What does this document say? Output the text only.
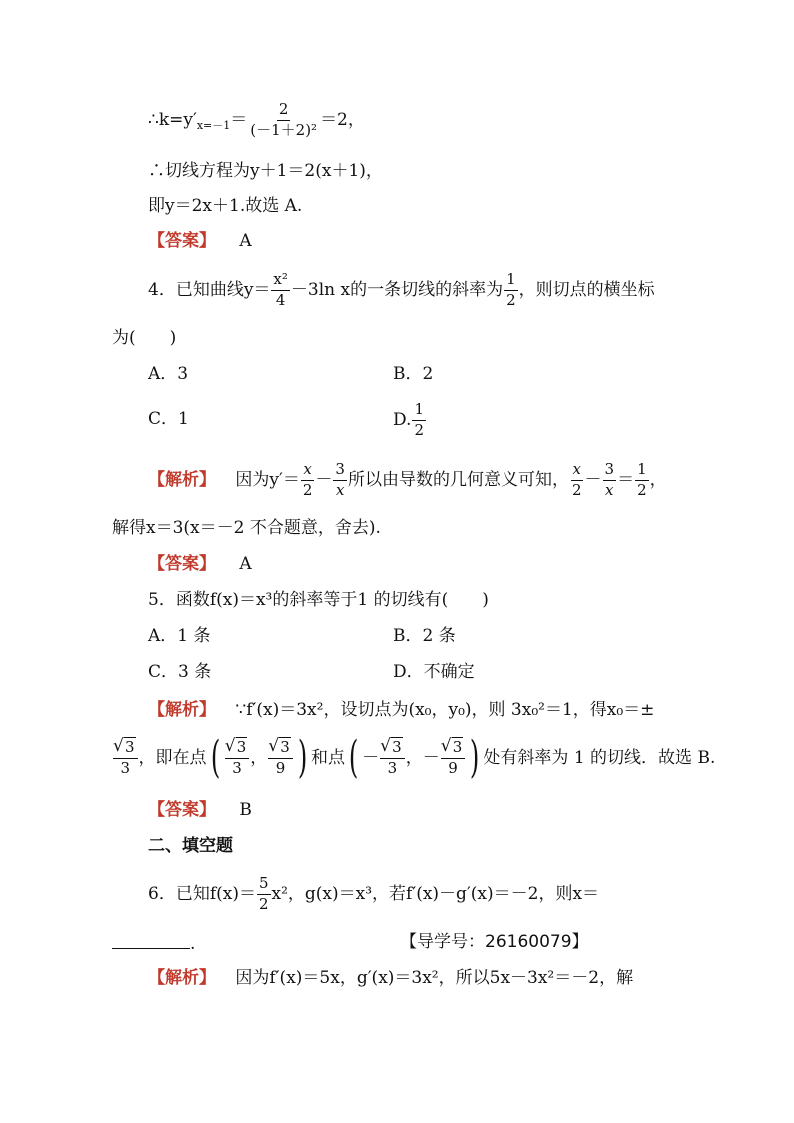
$\therefore k=y'_{x=-1}= \frac{2}{\text{(－1＋2)²}} =2$，
∴切线方程为y＋1＝2(x＋1)，
即y＝2x＋1.故选 A.
【答案】 A
4．已知曲线$y= \frac{\text{x²}}{4} -3\ln$ x的一条切线的斜率为 $\frac{1}{2}$ ，则切点的横坐标
为(　　)
A．3	B．2
C．1	D. $\frac{1}{2}$
【解析】 因为$y'= \frac{x}{2} - \frac{3}{x}$ 所以由导数的几何意义可知， $\frac{x}{2} - \frac{3}{x} = \frac{1}{2}$ ，
解得x＝3(x＝－2 不合题意，舍去).
【答案】 A
5．函数f(x)＝x³的斜率等于1 的切线有(　　)
A．1 条	B．2 条
C．3 条	D．不确定
【解析】 ∵f′(x)＝3x²，设切点为(x₀，y₀)，则 3x₀²＝1，得x₀＝±
√ $\frac{3}{3}$ ，即在点( √ $\frac{3}{3}$ ， √ $\frac{3}{9}$ ) 和点( － √ $\frac{3}{3}$ ，－ √ $\frac{3}{9}$ ) 处有斜率为 1 的切线．故选 B.
【答案】 B
二、填空题
6．已知$f(x)= \frac{5}{2} x^2$，g(x)＝x³，若f′(x)－g′(x)＝－2，则x＝
.	【导学号：26160079】
【解析】 因为f′(x)＝5x，g′(x)＝3x²，所以5x－3x²＝－2，解
